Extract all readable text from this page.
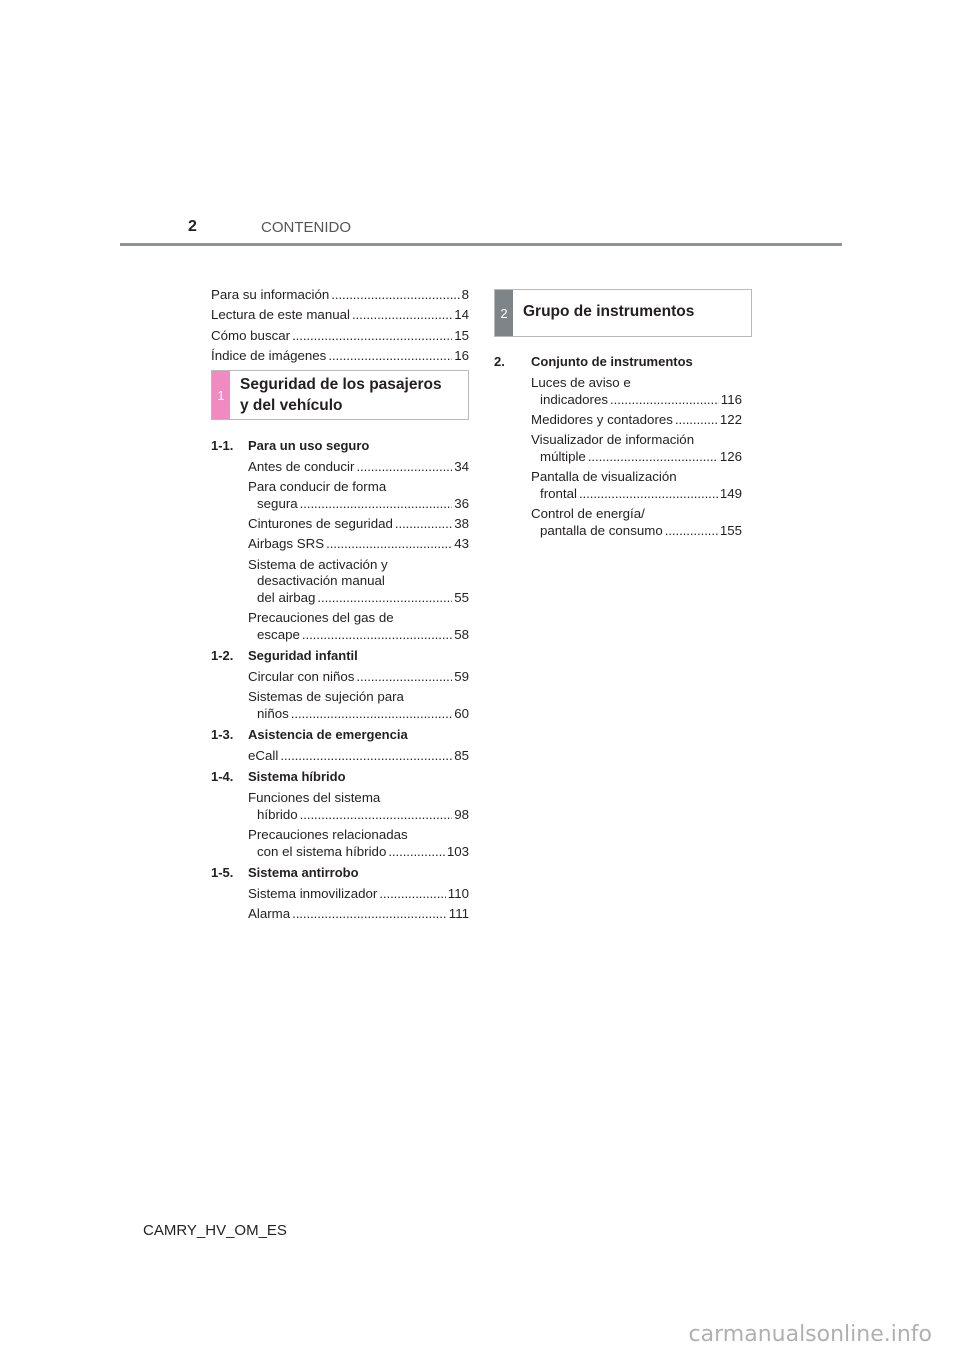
2	CONTENIDO
Para su información . . .	8
Lectura de este manual . . .	14
Cómo buscar . . .	15
Índice de imágenes . . .	16
1
Seguridad de los pasajeros
y del vehículo
1-1. Para un uso seguro
Antes de conducir . . .	34
Para conducir de forma
segura . . .	36
Cinturones de seguridad . . .	38
Airbags SRS . . .	43
Sistema de activación y
desactivación manual
del airbag . . .	55
Precauciones del gas de
escape . . .	58
1-2. Seguridad infantil
Circular con niños . . .	59
Sistemas de sujeción para
niños . . .	60
1-3. Asistencia de emergencia
eCall . . .	85
1-4. Sistema híbrido
Funciones del sistema
híbrido . . .	98
Precauciones relacionadas
con el sistema híbrido . . .	103
1-5. Sistema antirrobo
Sistema inmovilizador . . .	110
Alarma . . .	111
2 Grupo de instrumentos
2. Conjunto de instrumentos
Luces de aviso e
indicadores . . .	116
Medidores y contadores . . .	122
Visualizador de información
múltiple . . .	126
Pantalla de visualización
frontal . . .	149
Control de energía/
pantalla de consumo . . .	155
CAMRY_HV_OM_ES
carmanualsonline.info
